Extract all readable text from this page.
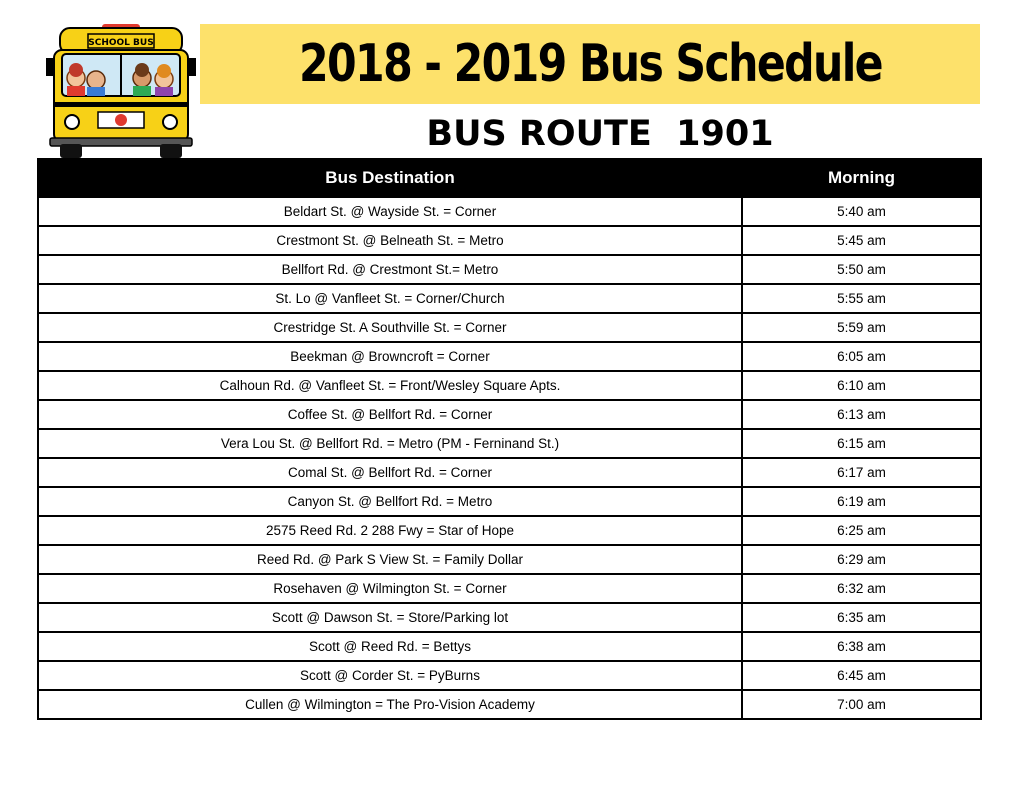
SCHOOL BUS	2018 - 2019 Bus Schedule
BUS ROUTE  1901
Bus Destination	Morning
Beldart St. @ Wayside St. = Corner	5:40 am
Crestmont St. @ Belneath St. = Metro	5:45 am
Bellfort Rd. @ Crestmont St.= Metro	5:50 am
St. Lo @ Vanfleet St. = Corner/Church	5:55 am
Crestridge St. A Southville St. = Corner	5:59 am
Beekman @ Browncroft = Corner	6:05 am
Calhoun Rd. @ Vanfleet St. = Front/Wesley Square Apts.	6:10 am
Coffee St. @ Bellfort Rd. = Corner	6:13 am
Vera Lou St. @ Bellfort Rd. = Metro (PM - Ferninand St.)	6:15 am
Comal St. @ Bellfort Rd. = Corner	6:17 am
Canyon St. @ Bellfort Rd. = Metro	6:19 am
2575 Reed Rd. 2 288 Fwy = Star of Hope	6:25 am
Reed Rd. @ Park S View St. = Family Dollar	6:29 am
Rosehaven @ Wilmington St. = Corner	6:32 am
Scott @ Dawson St. = Store/Parking lot	6:35 am
Scott @ Reed Rd. = Bettys	6:38 am
Scott @ Corder St. = PyBurns	6:45 am
Cullen @ Wilmington = The Pro-Vision Academy	7:00 am
